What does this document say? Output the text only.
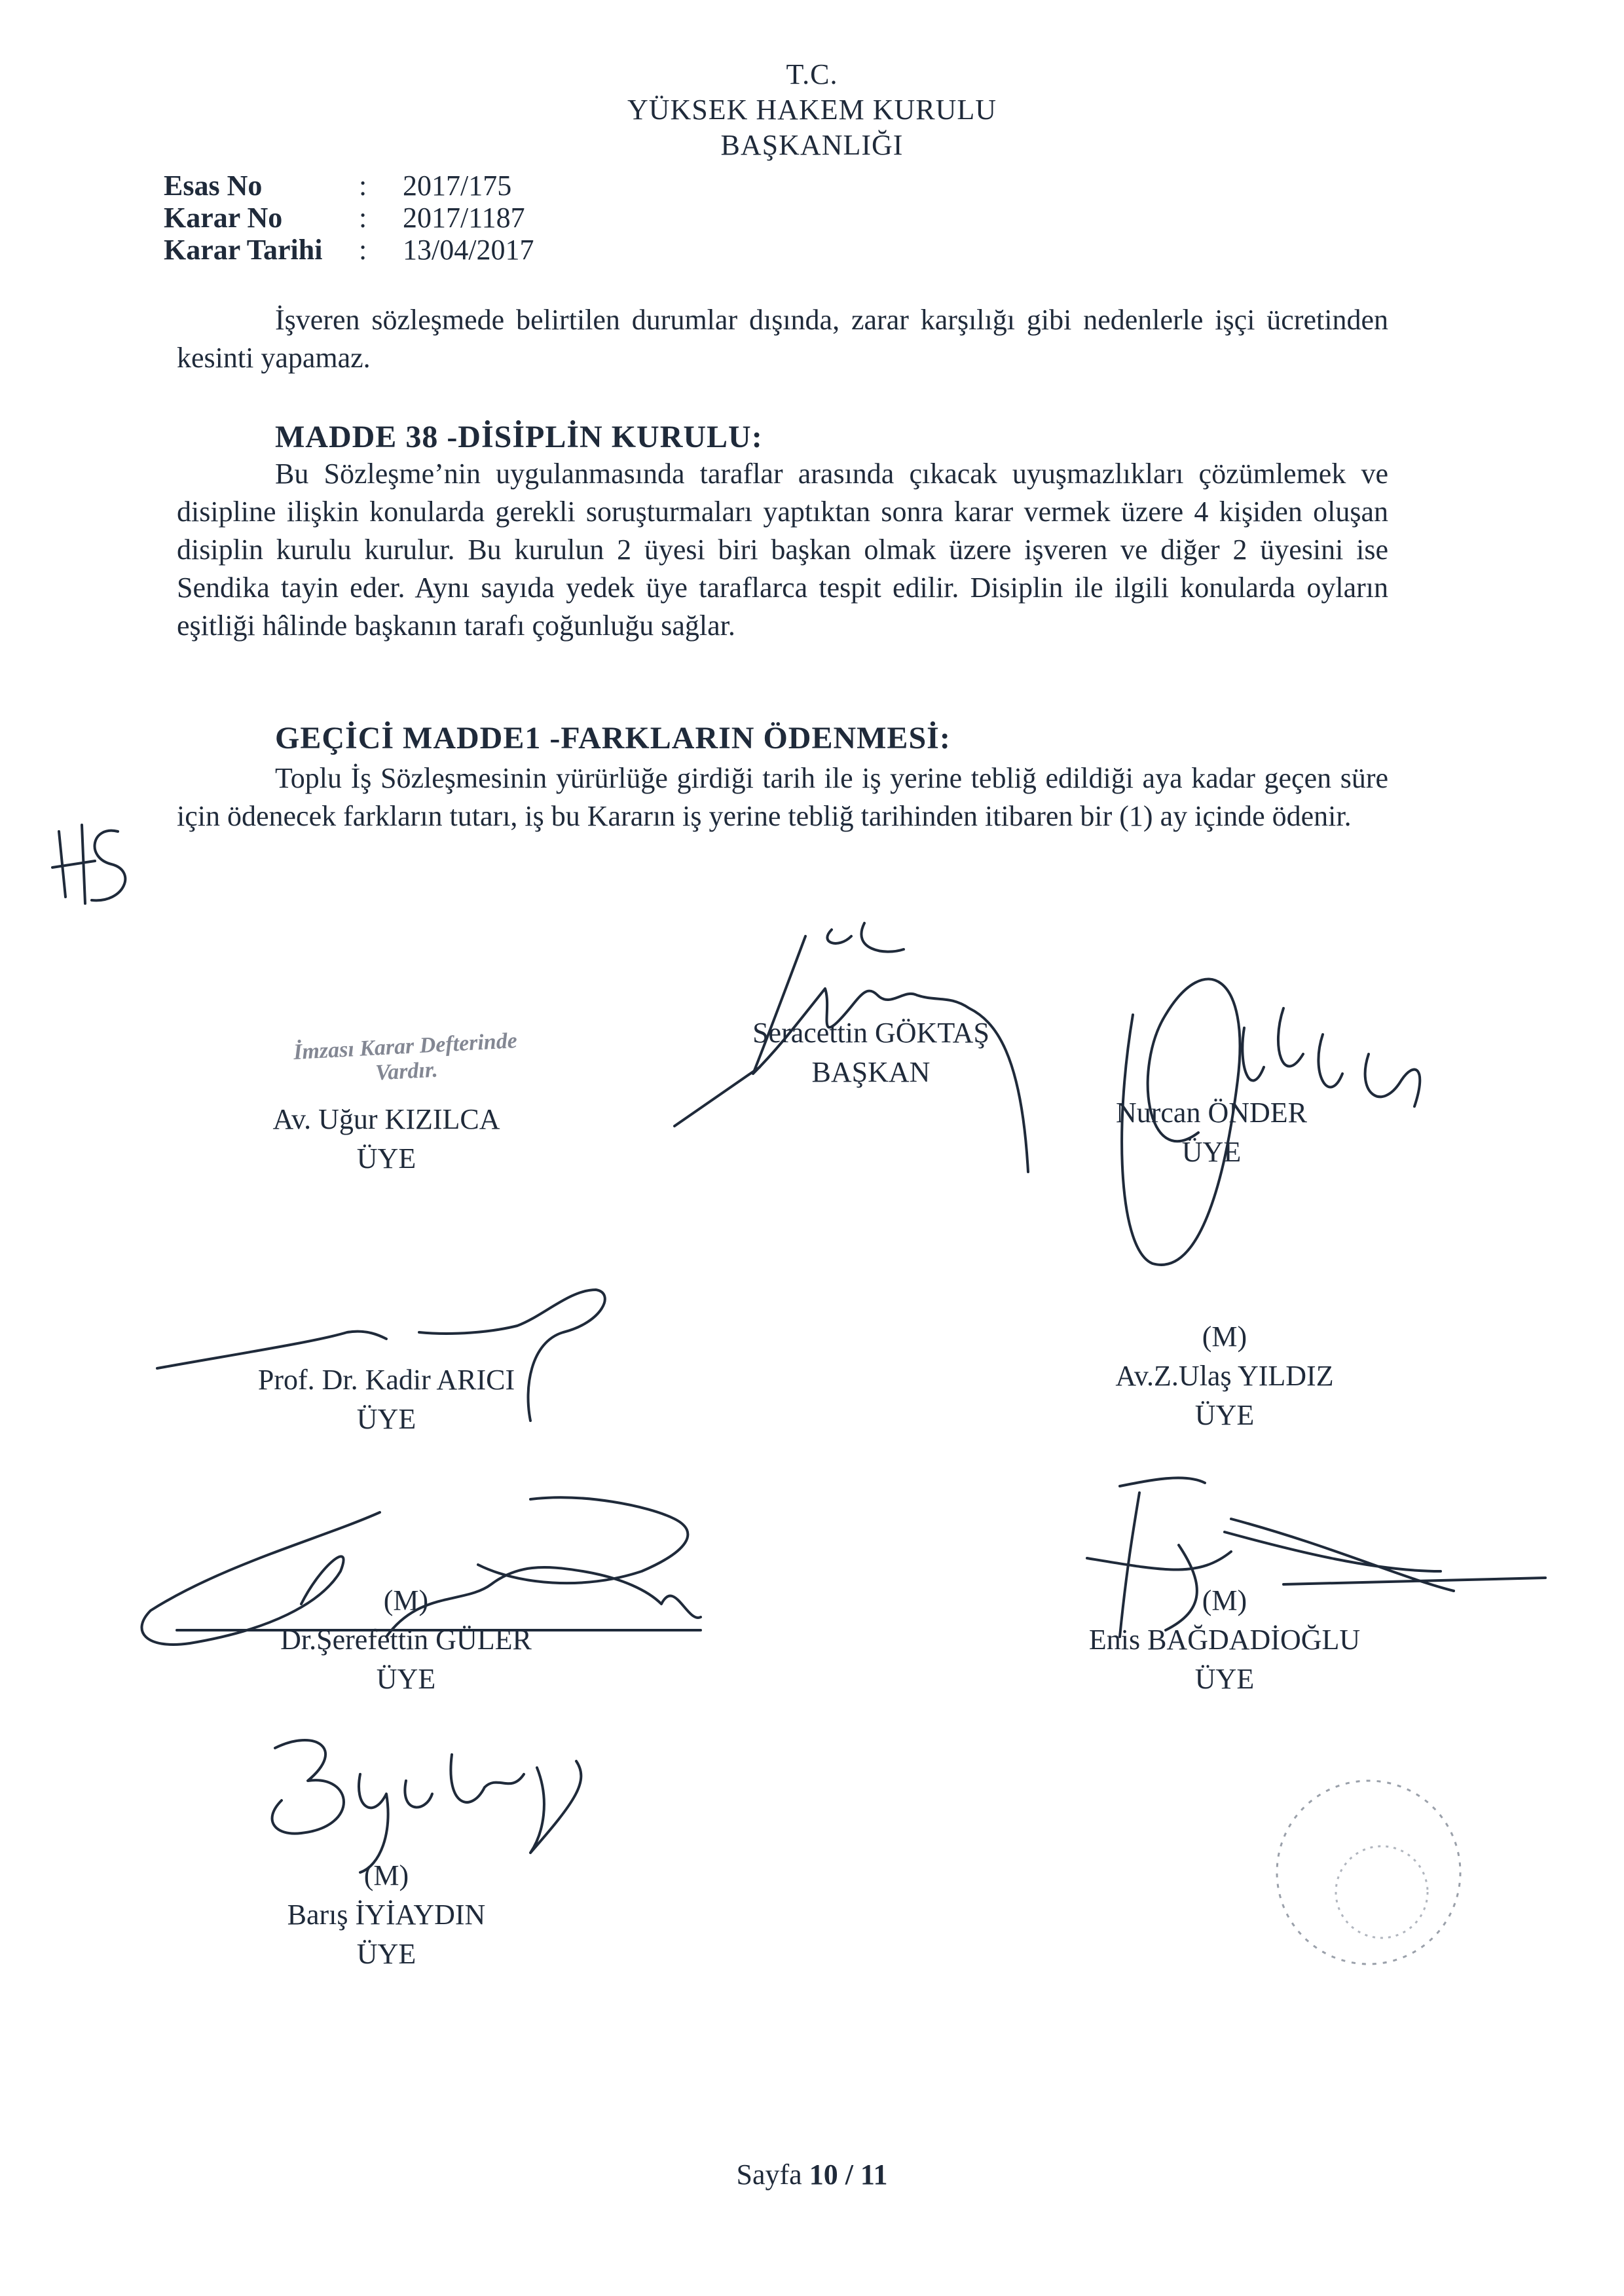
T.C.
YÜKSEK HAKEM KURULU
BAŞKANLIĞI
Esas No	: 2017/175
Karar No	: 2017/1187
Karar Tarihi : 13/04/2017

İşveren sözleşmede belirtilen durumlar dışında, zarar karşılığı gibi nedenlerle işçi ücretinden kesinti yapamaz.

MADDE 38 -DİSİPLİN KURULU:

Bu Sözleşme’nin uygulanmasında taraflar arasında çıkacak uyuşmazlıkları çözümlemek ve disipline ilişkin konularda gerekli soruşturmaları yaptıktan sonra karar vermek üzere 4 kişiden oluşan disiplin kurulu kurulur. Bu kurulun 2 üyesi biri başkan olmak üzere işveren ve diğer 2 üyesini ise Sendika tayin eder. Aynı sayıda yedek üye taraflarca tespit edilir. Disiplin ile ilgili konularda oyların eşitliği hâlinde başkanın tarafı çoğunluğu sağlar.

GEÇİCİ MADDE1 -FARKLARIN ÖDENMESİ:

Toplu İş Sözleşmesinin yürürlüğe girdiği tarih ile iş yerine tebliğ edildiği aya kadar geçen süre için ödenecek farkların tutarı, iş bu Kararın iş yerine tebliğ tarihinden itibaren bir (1) ay içinde ödenir.

İmzası Karar Defterinde
Vardır.
Av. Uğur KIZILCA
ÜYE
Seracettin GÖKTAŞ
BAŞKAN
Nurcan ÖNDER
ÜYE
Prof. Dr. Kadir ARICI
ÜYE
(M)
Av.Z.Ulaş YILDIZ
ÜYE
(M)
Dr.Şerefettin GÜLER
ÜYE
(M)
Enis BAĞDADİOĞLU
ÜYE
(M)
Barış İYİAYDIN
ÜYE
Sayfa 10 / 11
